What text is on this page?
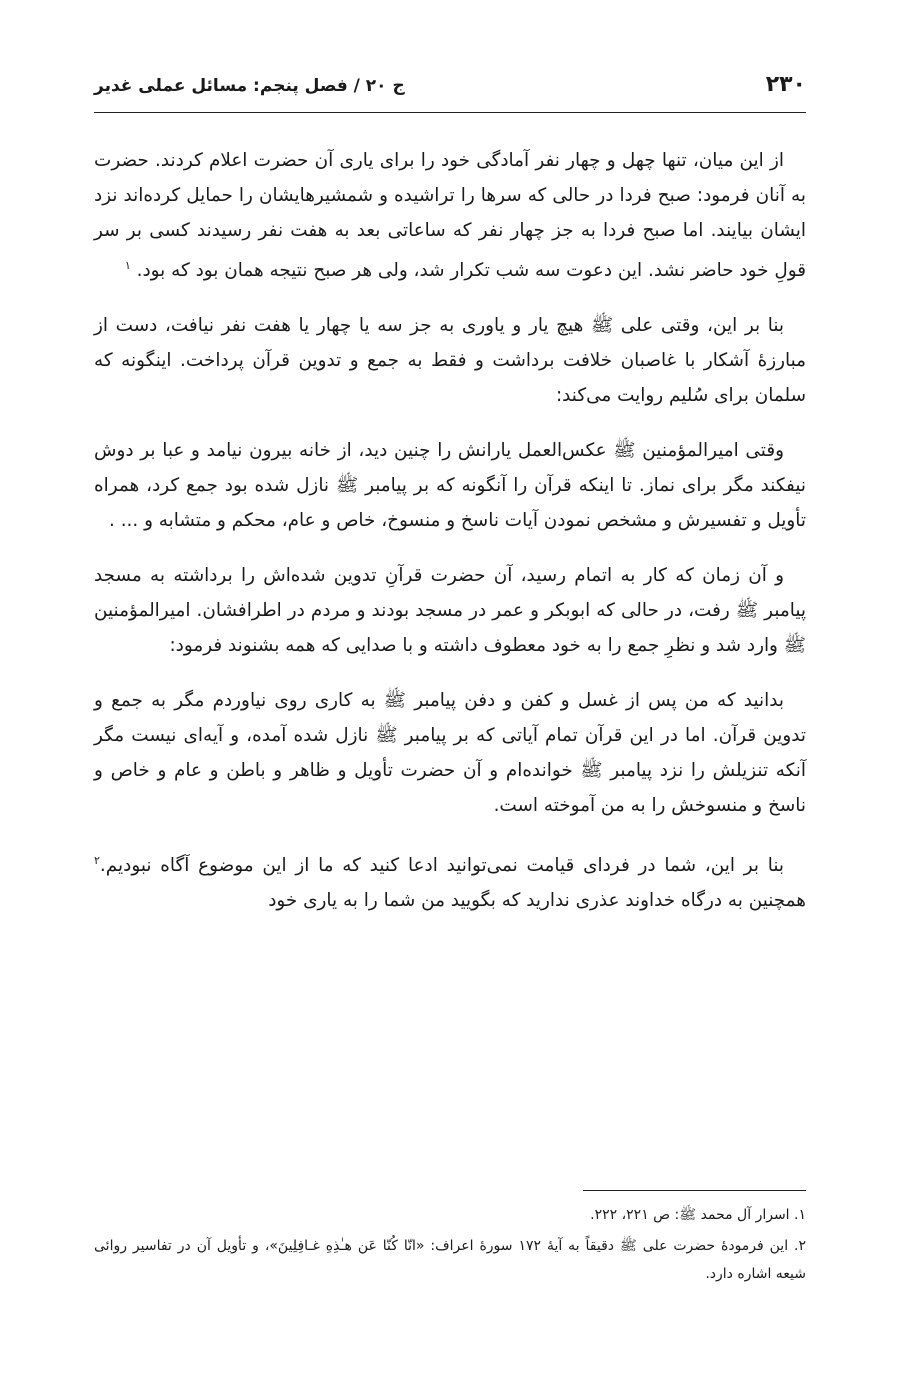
۲۳۰
ج ۲۰ / فصل پنجم: مسائل عملی غدیر

از این میان، تنها چهل و چهار نفر آمادگی خود را برای یاری آن حضرت اعلام کردند. حضرت به آنان فرمود: صبح فردا در حالی که سرها را تراشیده و شمشیرهایشان را حمایل کرده‌اند نزد ایشان بیایند. اما صبح فردا به جز چهار نفر که ساعاتی بعد به هفت نفر رسیدند کسی بر سر قولِ خود حاضر نشد. این دعوت سه شب تکرار شد، ولی هر صبح نتیجه همان بود که بود. $^۱$

بنا بر این، وقتی علی ﷺ هیچ یار و یاوری به جز سه یا چهار یا هفت نفر نیافت، دست از مبارزهٔ آشکار با غاصبان خلافت برداشت و فقط به جمع و تدوین قرآن پرداخت. اینگونه که سلمان برای سُلیم روایت می‌کند:

وقتی امیرالمؤمنین ﷺ عکس‌العمل یارانش را چنین دید، از خانه بیرون نیامد و عبا بر دوش نیفکند مگر برای نماز. تا اینکه قرآن را آنگونه که بر پیامبر ﷺ نازل شده بود جمع کرد، همراه تأویل و تفسیرش و مشخص نمودن آیات ناسخ و منسوخ، خاص و عام، محکم و متشابه و ... .

و آن زمان که کار به اتمام رسید، آن حضرت قرآنِ تدوین شده‌اش را برداشته به مسجد پیامبر ﷺ رفت، در حالی که ابوبکر و عمر در مسجد بودند و مردم در اطرافشان. امیرالمؤمنین ﷺ وارد شد و نظرِ جمع را به خود معطوف داشته و با صدایی که همه بشنوند فرمود:

بدانید که من پس از غسل و کفن و دفن پیامبر ﷺ به کاری روی نیاوردم مگر به جمع و تدوین قرآن. اما در این قرآن تمام آیاتی که بر پیامبر ﷺ نازل شده آمده، و آیه‌ای نیست مگر آنکه تنزیلش را نزد پیامبر ﷺ خوانده‌ام و آن حضرت تأویل و ظاهر و باطن و عام و خاص و ناسخ و منسوخش را به من آموخته است.

بنا بر این، شما در فردای قیامت نمی‌توانید ادعا کنید که ما از این موضوع آگاه نبودیم.$^۲$ همچنین به درگاه خداوند عذری ندارید که بگویید من شما را به یاری خود

۱. اسرار آل محمد ﷺ: ص ۲۲۱، ۲۲۲.

۲. این فرمودهٔ حضرت علی ﷺ دقیقاً به آیهٔ ۱۷۲ سورهٔ اعراف: «انّا كُنّا عَن هـٰذِهِ غـافِلِينَ»، و تأویل آن در تفاسیر روائی شیعه اشاره دارد.
